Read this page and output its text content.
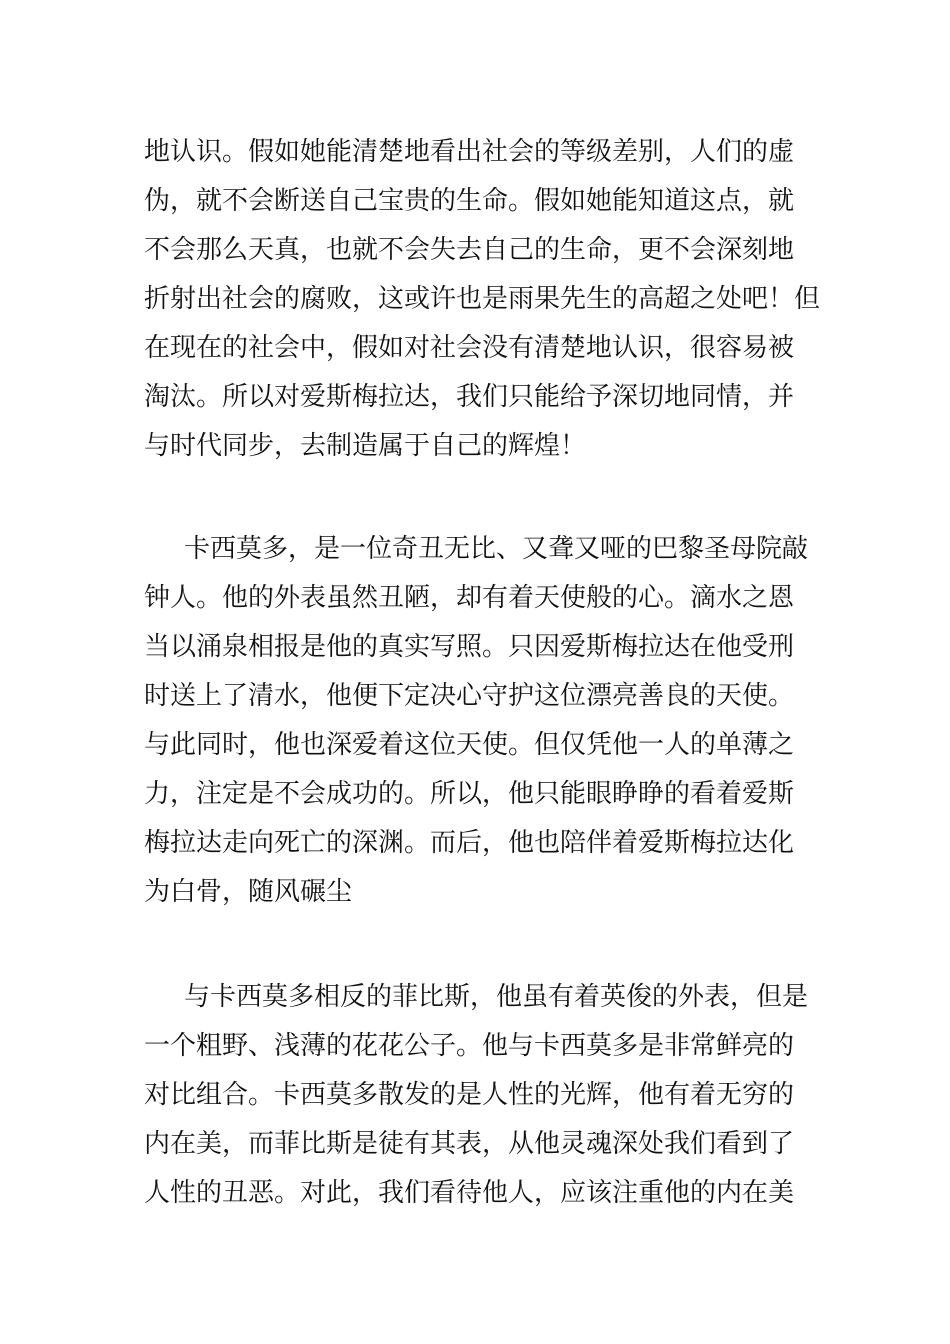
地认识。假如她能清楚地看出社会的等级差别，人们的虚
伪，就不会断送自己宝贵的生命。假如她能知道这点，就
不会那么天真，也就不会失去自己的生命，更不会深刻地
折射出社会的腐败，这或许也是雨果先生的高超之处吧！但
在现在的社会中，假如对社会没有清楚地认识，很容易被
淘汰。所以对爱斯梅拉达，我们只能给予深切地同情，并
与时代同步，去制造属于自己的辉煌！
卡西莫多，是一位奇丑无比、又聋又哑的巴黎圣母院敲
钟人。他的外表虽然丑陋，却有着天使般的心。滴水之恩
当以涌泉相报是他的真实写照。只因爱斯梅拉达在他受刑
时送上了清水，他便下定决心守护这位漂亮善良的天使。
与此同时，他也深爱着这位天使。但仅凭他一人的单薄之
力，注定是不会成功的。所以，他只能眼睁睁的看着爱斯
梅拉达走向死亡的深渊。而后，他也陪伴着爱斯梅拉达化
为白骨，随风碾尘
与卡西莫多相反的菲比斯，他虽有着英俊的外表，但是
一个粗野、浅薄的花花公子。他与卡西莫多是非常鲜亮的
对比组合。卡西莫多散发的是人性的光辉，他有着无穷的
内在美，而菲比斯是徒有其表，从他灵魂深处我们看到了
人性的丑恶。对此，我们看待他人，应该注重他的内在美
